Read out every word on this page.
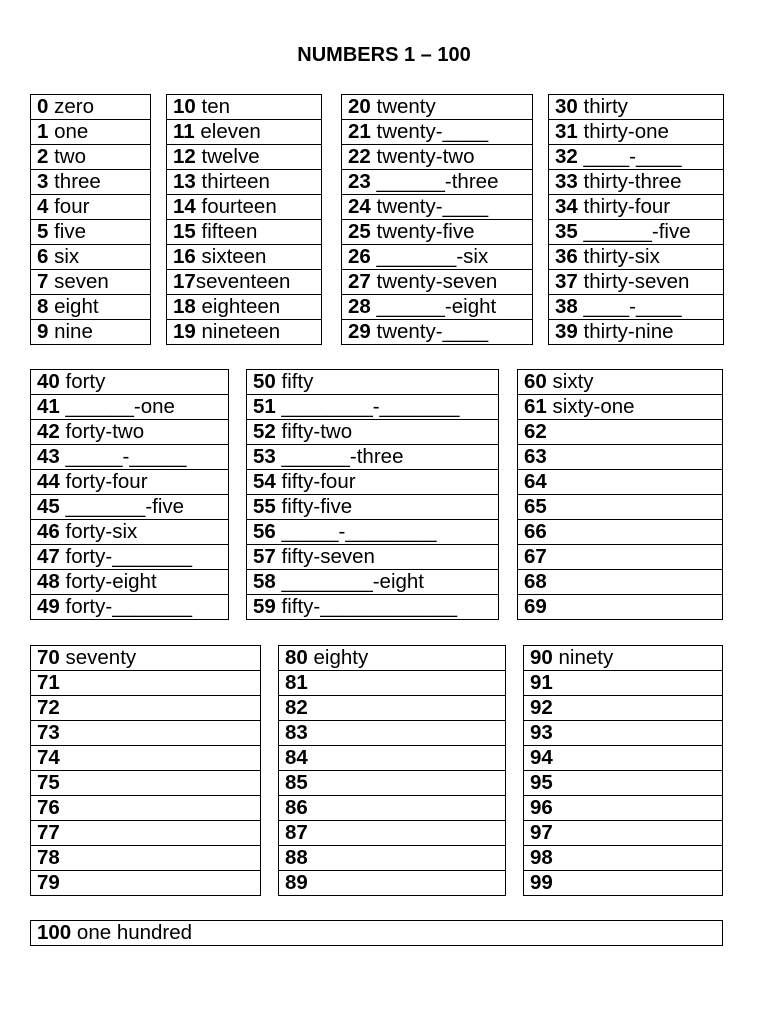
NUMBERS 1 – 100
0 zero
1 one
2 two
3 three
4 four
5 five
6 six
7 seven
8 eight
9 nine
10 ten
11 eleven
12 twelve
13 thirteen
14 fourteen
15 fifteen
16 sixteen
17seventeen
18 eighteen
19 nineteen
20 twenty
21 twenty-____
22 twenty-two
23 ______-three
24 twenty-____
25 twenty-five
26 _______-six
27 twenty-seven
28 ______-eight
29 twenty-____
30 thirty
31 thirty-one
32 ____-____
33 thirty-three
34 thirty-four
35 ______-five
36 thirty-six
37 thirty-seven
38 ____-____
39 thirty-nine
40 forty
41 ______-one
42 forty-two
43 _____-_____
44 forty-four
45 _______-five
46 forty-six
47 forty-_______
48 forty-eight
49 forty-_______
50 fifty
51 ________-_______
52 fifty-two
53 ______-three
54 fifty-four
55 fifty-five
56 _____-________
57 fifty-seven
58 ________-eight
59 fifty-____________
60 sixty
61 sixty-one
62
63
64
65
66
67
68
69
70 seventy
71
72
73
74
75
76
77
78
79
80 eighty
81
82
83
84
85
86
87
88
89
90 ninety
91
92
93
94
95
96
97
98
99
100 one hundred
